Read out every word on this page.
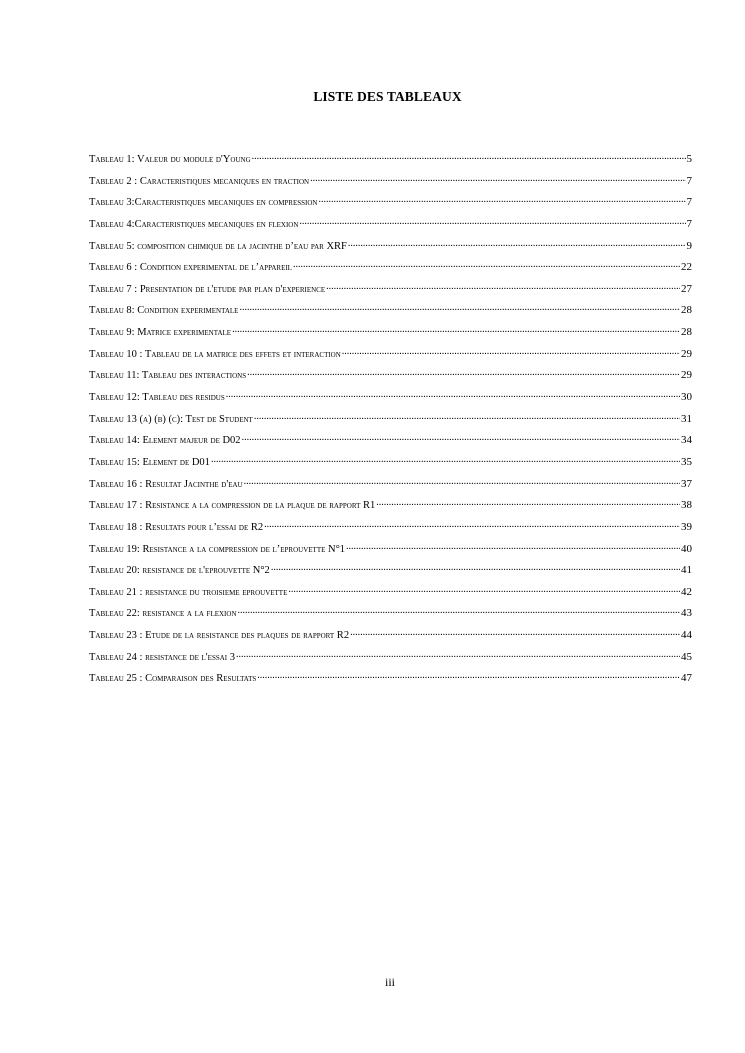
LISTE DES TABLEAUX
Tableau 1: Valeur du module d'Young .....	5
Tableau 2 : Caracteristiques mecaniques en traction .....	7
Tableau 3:Caracteristiques mecaniques en compression .....	7
Tableau 4:Caracteristiques mecaniques en flexion .....	7
Tableau 5: composition chimique de la jacinthe d’eau par XRF .....	9
Tableau 6 : Condition experimental de l’appareil .....	22
Tableau 7 : Presentation de l'etude par plan d'experience .....	27
Tableau 8: Condition experimentale .....	28
Tableau 9: Matrice experimentale .....	28
Tableau 10 : Tableau de la matrice des effets et interaction .....	29
Tableau 11: Tableau des interactions .....	29
Tableau 12: Tableau des residus .....	30
Tableau 13 (a) (b) (c): Test de Student .....	31
Tableau 14: Element majeur de D02 .....	34
Tableau 15: Element de D01 .....	35
Tableau 16 : Resultat Jacinthe d'eau .....	37
Tableau 17 : Resistance a la compression de la plaque de rapport R1 .....	38
Tableau 18 : Resultats pour l’essai de R2 .....	39
Tableau 19: Resistance a la compression de l’eprouvette N°1 .....	40
Tableau 20: resistance de l'eprouvette N°2 .....	41
Tableau 21 : resistance du troisieme eprouvette .....	42
Tableau 22: resistance a la flexion .....	43
Tableau 23 : Etude de la resistance des plaques de rapport R2 .....	44
Tableau 24 : resistance de l'essai 3 .....	45
Tableau 25 : Comparaison des Resultats .....	47
iii
